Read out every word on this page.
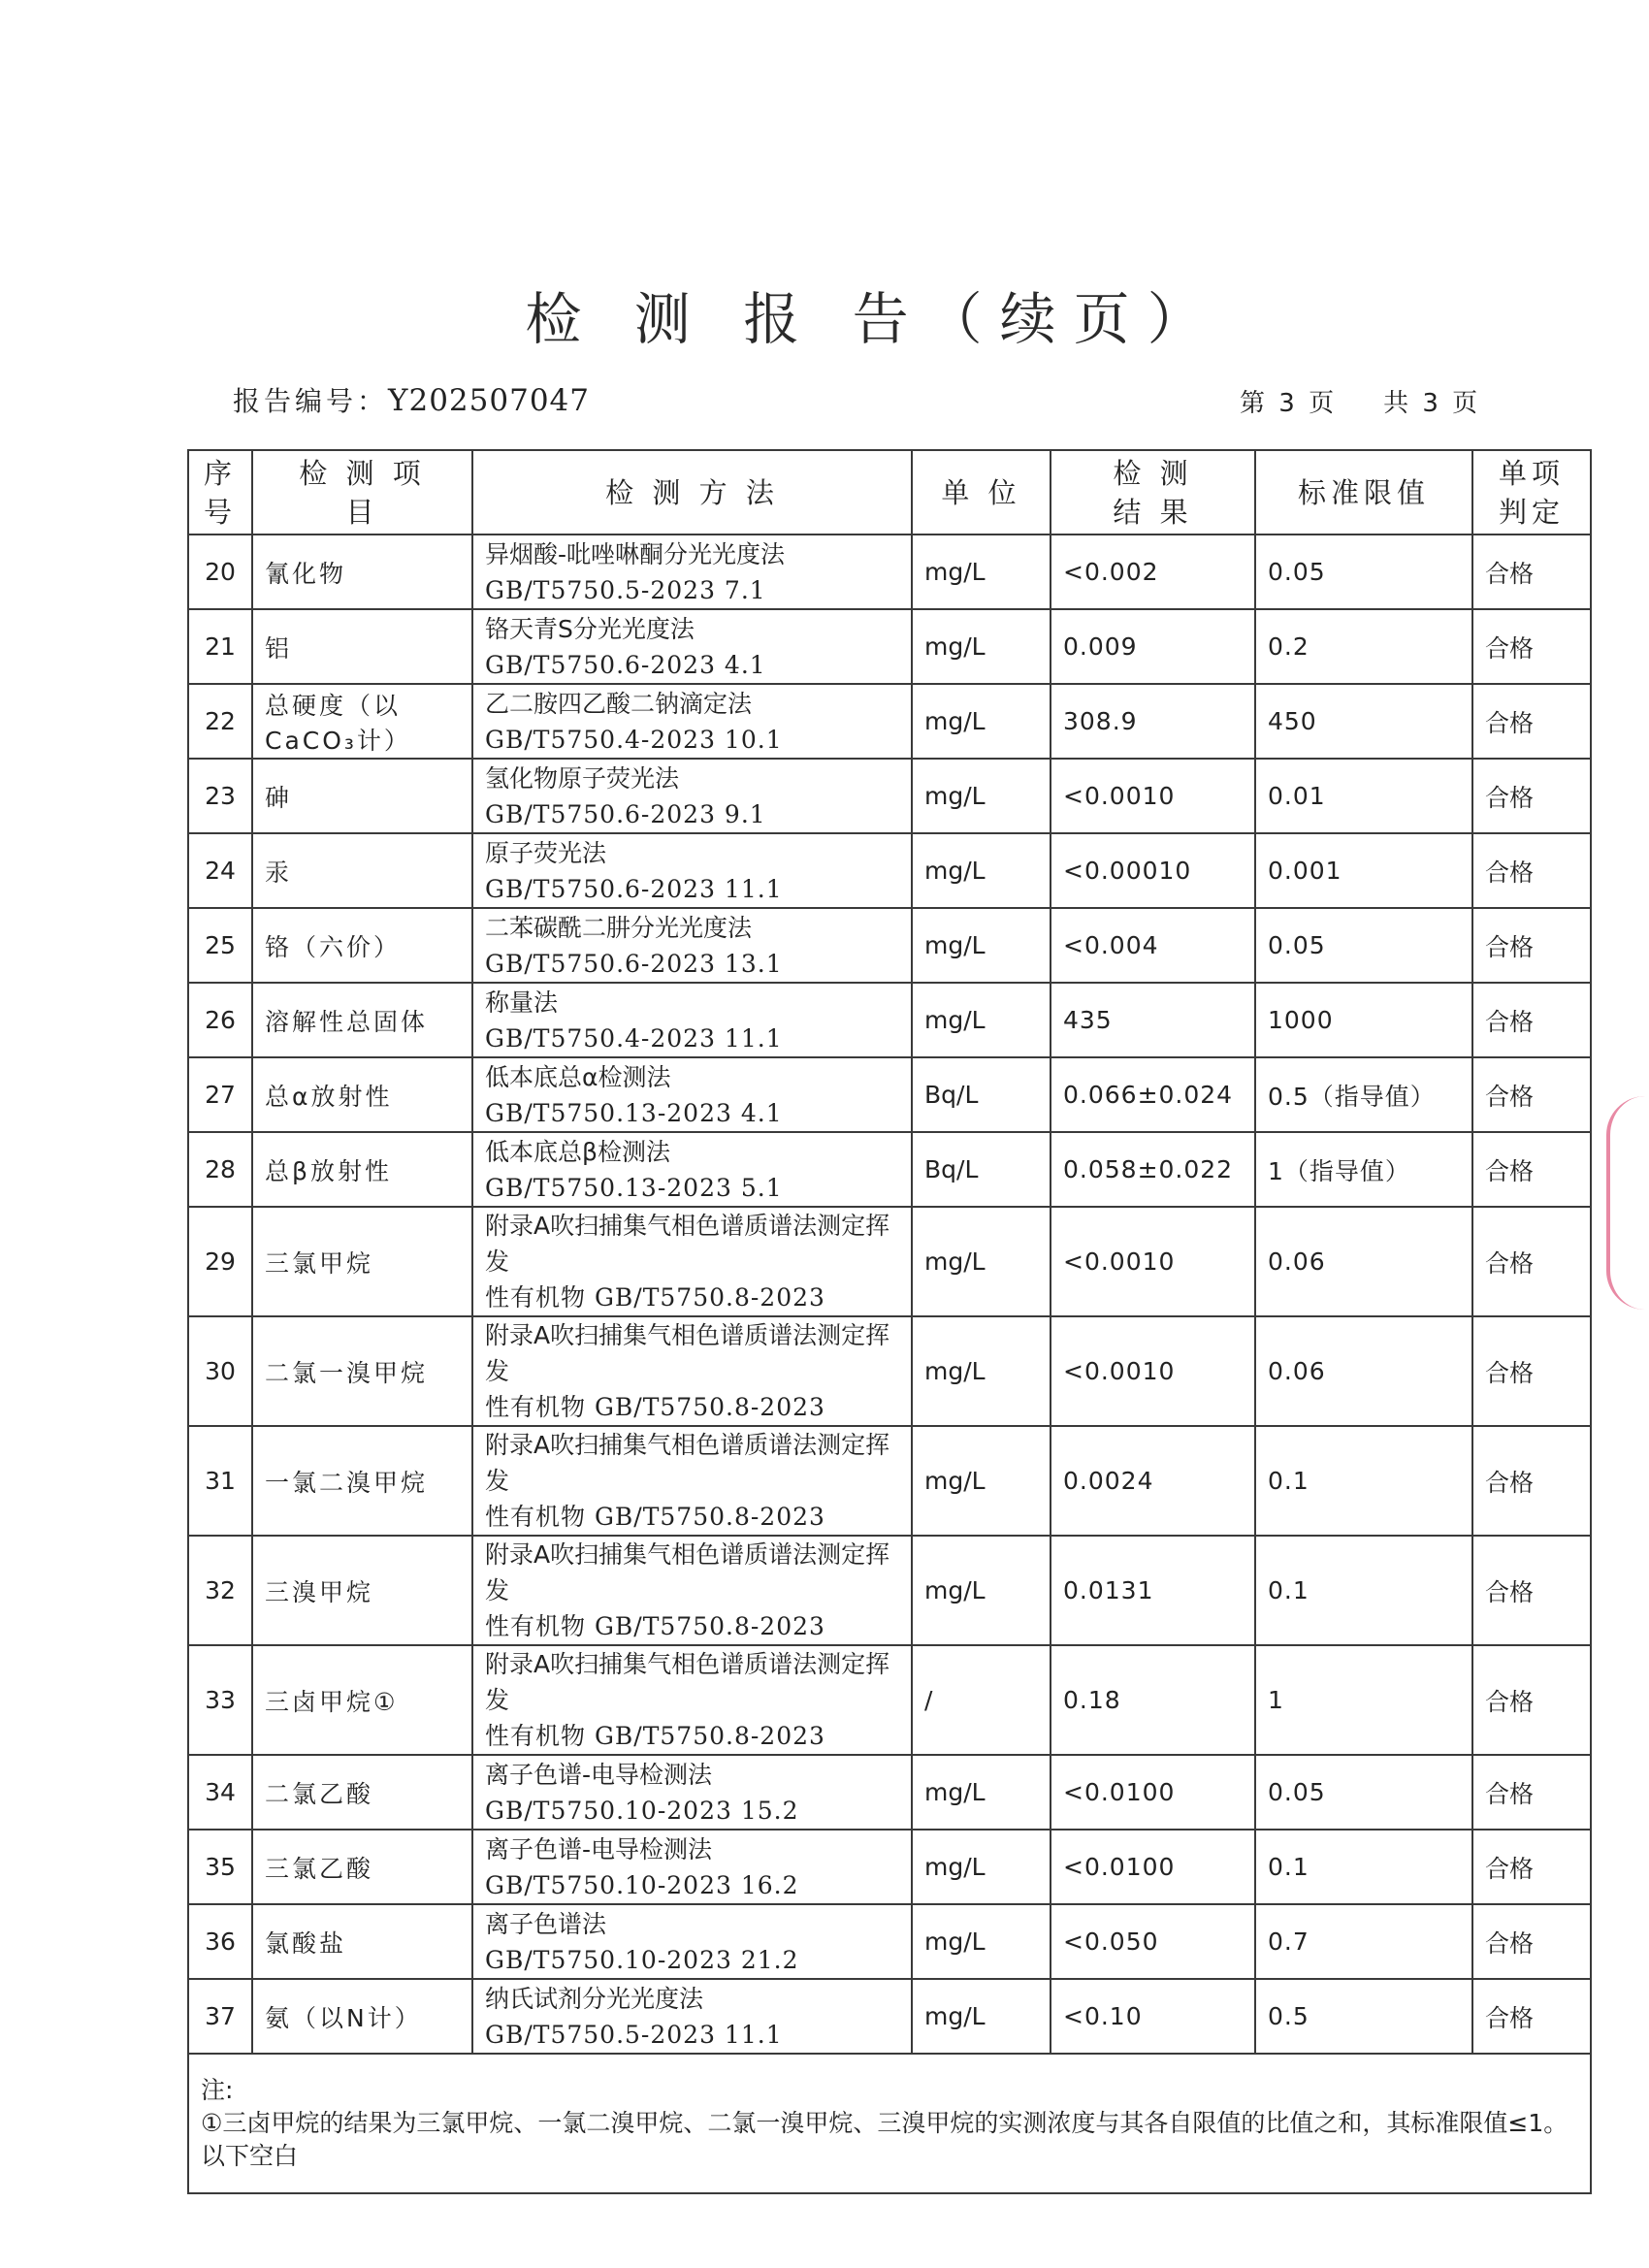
检 测 报 告（续页）
报告编号：Y202507047	第 3 页 共 3 页
序号	检 测 项 目	检 测 方 法	单 位	检 测 结 果	标准限值	单项 判定
20	氰化物	异烟酸-吡唑啉酮分光光度法
GB/T5750.5-2023 7.1	mg/L	<0.002	0.05	合格
21	铝	铬天青S分光光度法
GB/T5750.6-2023 4.1	mg/L	0.009	0.2	合格
22	总硬度（以CaCO₃计）	乙二胺四乙酸二钠滴定法
GB/T5750.4-2023 10.1	mg/L	308.9	450	合格
23	砷	氢化物原子荧光法
GB/T5750.6-2023 9.1	mg/L	<0.0010	0.01	合格
24	汞	原子荧光法
GB/T5750.6-2023 11.1	mg/L	<0.00010	0.001	合格
25	铬（六价）	二苯碳酰二肼分光光度法
GB/T5750.6-2023 13.1	mg/L	<0.004	0.05	合格
26	溶解性总固体	称量法
GB/T5750.4-2023 11.1	mg/L	435	1000	合格
27	总α放射性	低本底总α检测法
GB/T5750.13-2023 4.1	Bq/L	0.066±0.024	0.5（指导值）	合格
28	总β放射性	低本底总β检测法
GB/T5750.13-2023 5.1	Bq/L	0.058±0.022	1（指导值）	合格
29	三氯甲烷	附录A吹扫捕集气相色谱质谱法测定挥发
性有机物 GB/T5750.8-2023	mg/L	<0.0010	0.06	合格
30	二氯一溴甲烷	附录A吹扫捕集气相色谱质谱法测定挥发
性有机物 GB/T5750.8-2023	mg/L	<0.0010	0.06	合格
31	一氯二溴甲烷	附录A吹扫捕集气相色谱质谱法测定挥发
性有机物 GB/T5750.8-2023	mg/L	0.0024	0.1	合格
32	三溴甲烷	附录A吹扫捕集气相色谱质谱法测定挥发
性有机物 GB/T5750.8-2023	mg/L	0.0131	0.1	合格
33	三卤甲烷①	附录A吹扫捕集气相色谱质谱法测定挥发
性有机物 GB/T5750.8-2023	/	0.18	1	合格
34	二氯乙酸	离子色谱-电导检测法
GB/T5750.10-2023 15.2	mg/L	<0.0100	0.05	合格
35	三氯乙酸	离子色谱-电导检测法
GB/T5750.10-2023 16.2	mg/L	<0.0100	0.1	合格
36	氯酸盐	离子色谱法
GB/T5750.10-2023 21.2	mg/L	<0.050	0.7	合格
37	氨（以N计）	纳氏试剂分光光度法
GB/T5750.5-2023 11.1	mg/L	<0.10	0.5	合格

注:
①三卤甲烷的结果为三氯甲烷、一氯二溴甲烷、二氯一溴甲烷、三溴甲烷的实测浓度与其各自限值的比值之和，其标准限值≤1。
以下空白						
